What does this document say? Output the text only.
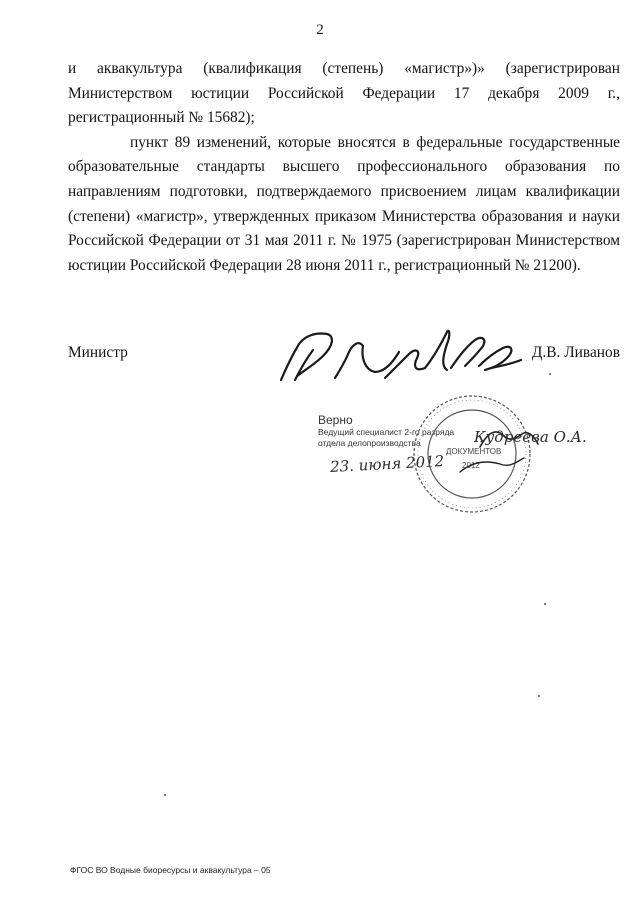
2

и аквакультура (квалификация (степень) «магистр»)» (зарегистрирован Министерством юстиции Российской Федерации 17 декабря 2009 г., регистрационный № 15682);

пункт 89 изменений, которые вносятся в федеральные государственные образовательные стандарты высшего профессионального образования по направлениям подготовки, подтверждаемого присвоением лицам квалификации (степени) «магистр», утвержденных приказом Министерства образования и науки Российской Федерации от 31 мая 2011 г. № 1975 (зарегистрирован Министерством юстиции Российской Федерации 28 июня 2011 г., регистрационный № 21200).

Министр	Д.В. Ливанов
Верно
Ведущий специалист 2-го разряда
отдела делопроизводства
23. июня 2012
ДОКУМЕНТОВ
2012
Кудреева О.А.
ФГОС ВО Водные биоресурсы и аквакультура – 05
